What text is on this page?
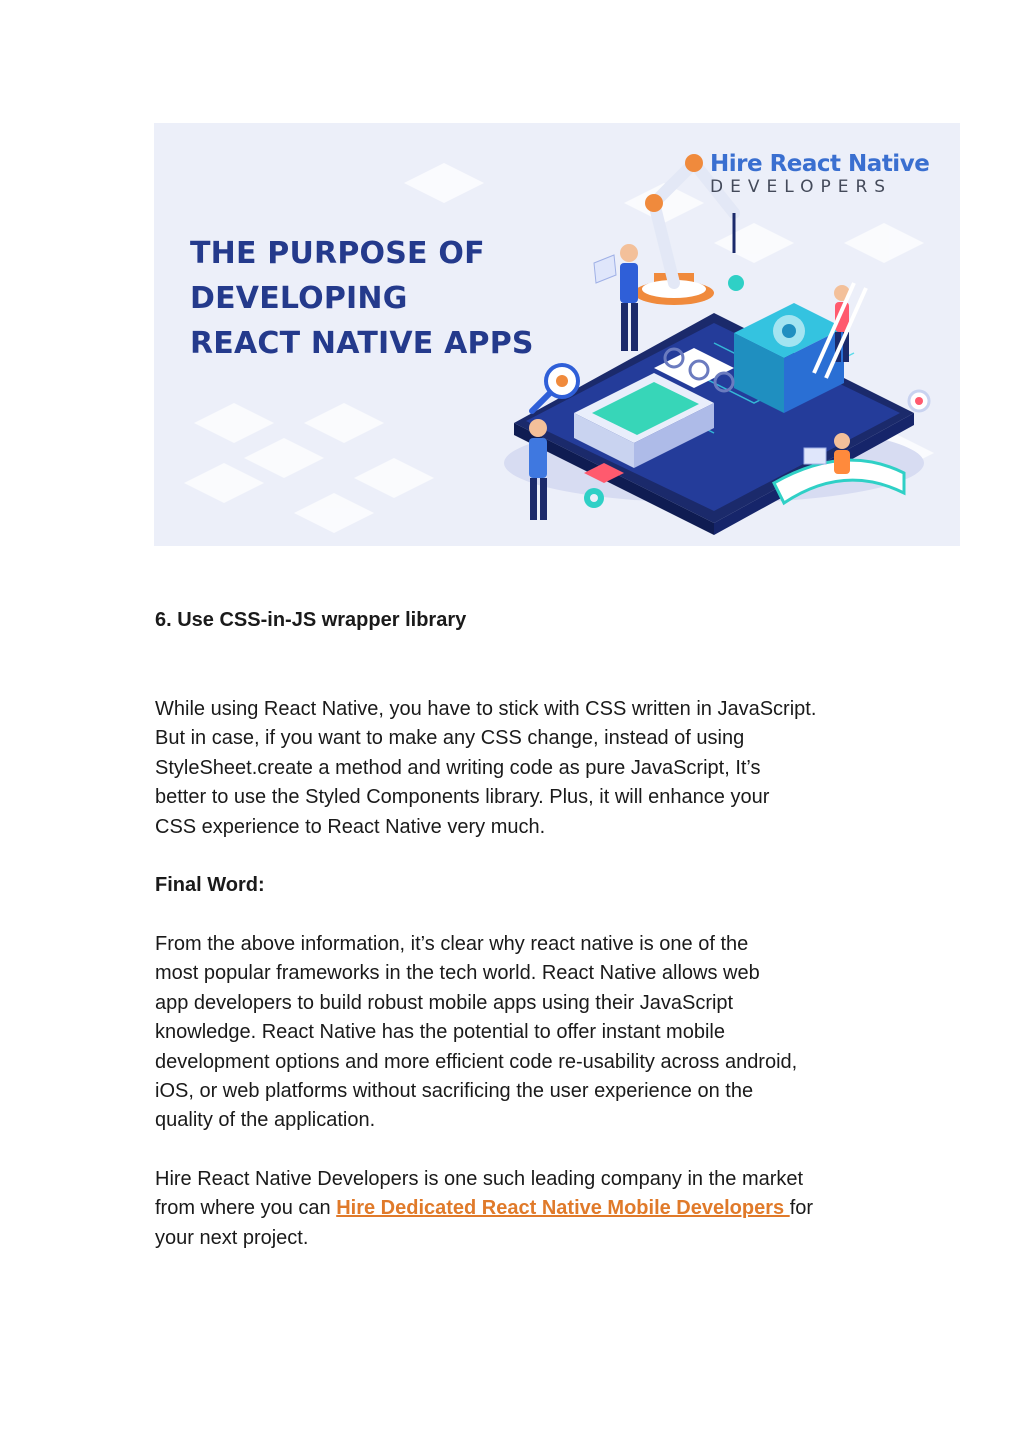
THE PURPOSE OF
DEVELOPING
REACT NATIVE APPS
Hire React Native
DEVELOPERS
6. Use CSS-in-JS wrapper library

While using React Native, you have to stick with CSS written in JavaScript.
But in case, if you want to make any CSS change, instead of using
StyleSheet.create a method and writing code as pure JavaScript, It’s
better to use the Styled Components library. Plus, it will enhance your
CSS experience to React Native very much.

Final Word:

From the above information, it’s clear why react native is one of the
most popular frameworks in the tech world. React Native allows web
app developers to build robust mobile apps using their JavaScript
knowledge. React Native has the potential to offer instant mobile
development options and more efficient code re-usability across android,
iOS, or web platforms without sacrificing the user experience on the
quality of the application.

Hire React Native Developers is one such leading company in the market
from where you can Hire Dedicated React Native Mobile Developers for
your next project.
